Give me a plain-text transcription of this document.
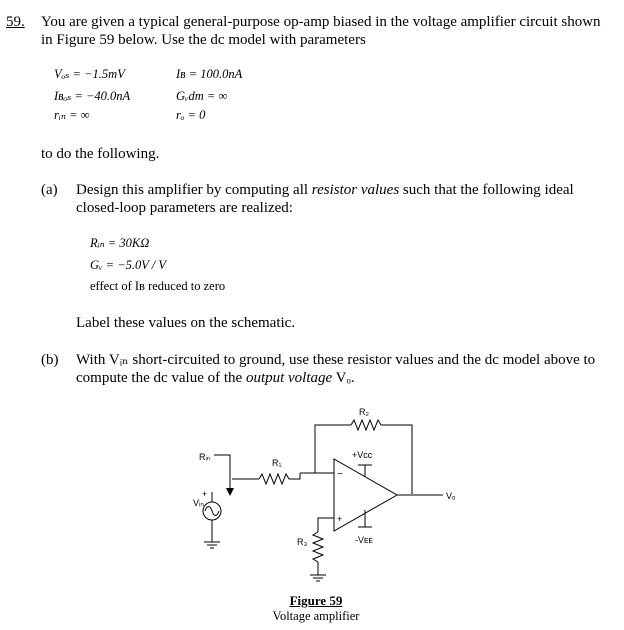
59. You are given a typical general-purpose op-amp biased in the voltage amplifier circuit shown
in Figure 59 below. Use the dc model with parameters
Vₒₛ = −1.5mV	Iʙ = 100.0nA
Iʙₒₛ = −40.0nA	Gᵥdm = ∞
rᵢₙ = ∞	rₒ = 0
to do the following.
(a) Design this amplifier by computing all resistor values such that the following ideal
closed-loop parameters are realized:
Rᵢₙ = 30KΩ
Gᵥ = −5.0V / V
effect of Iʙ reduced to zero
Label these values on the schematic.
(b) With Vᵢₙ short-circuited to ground, use these resistor values and the dc model above to
compute the dc value of the output voltage Vₒ.
R₂
R₁
Rᵢₙ
R₃
Vᵢₙ
+Vᴄᴄ
-Vᴇᴇ
Vₒ
−
+
+
Figure 59
Voltage amplifier
